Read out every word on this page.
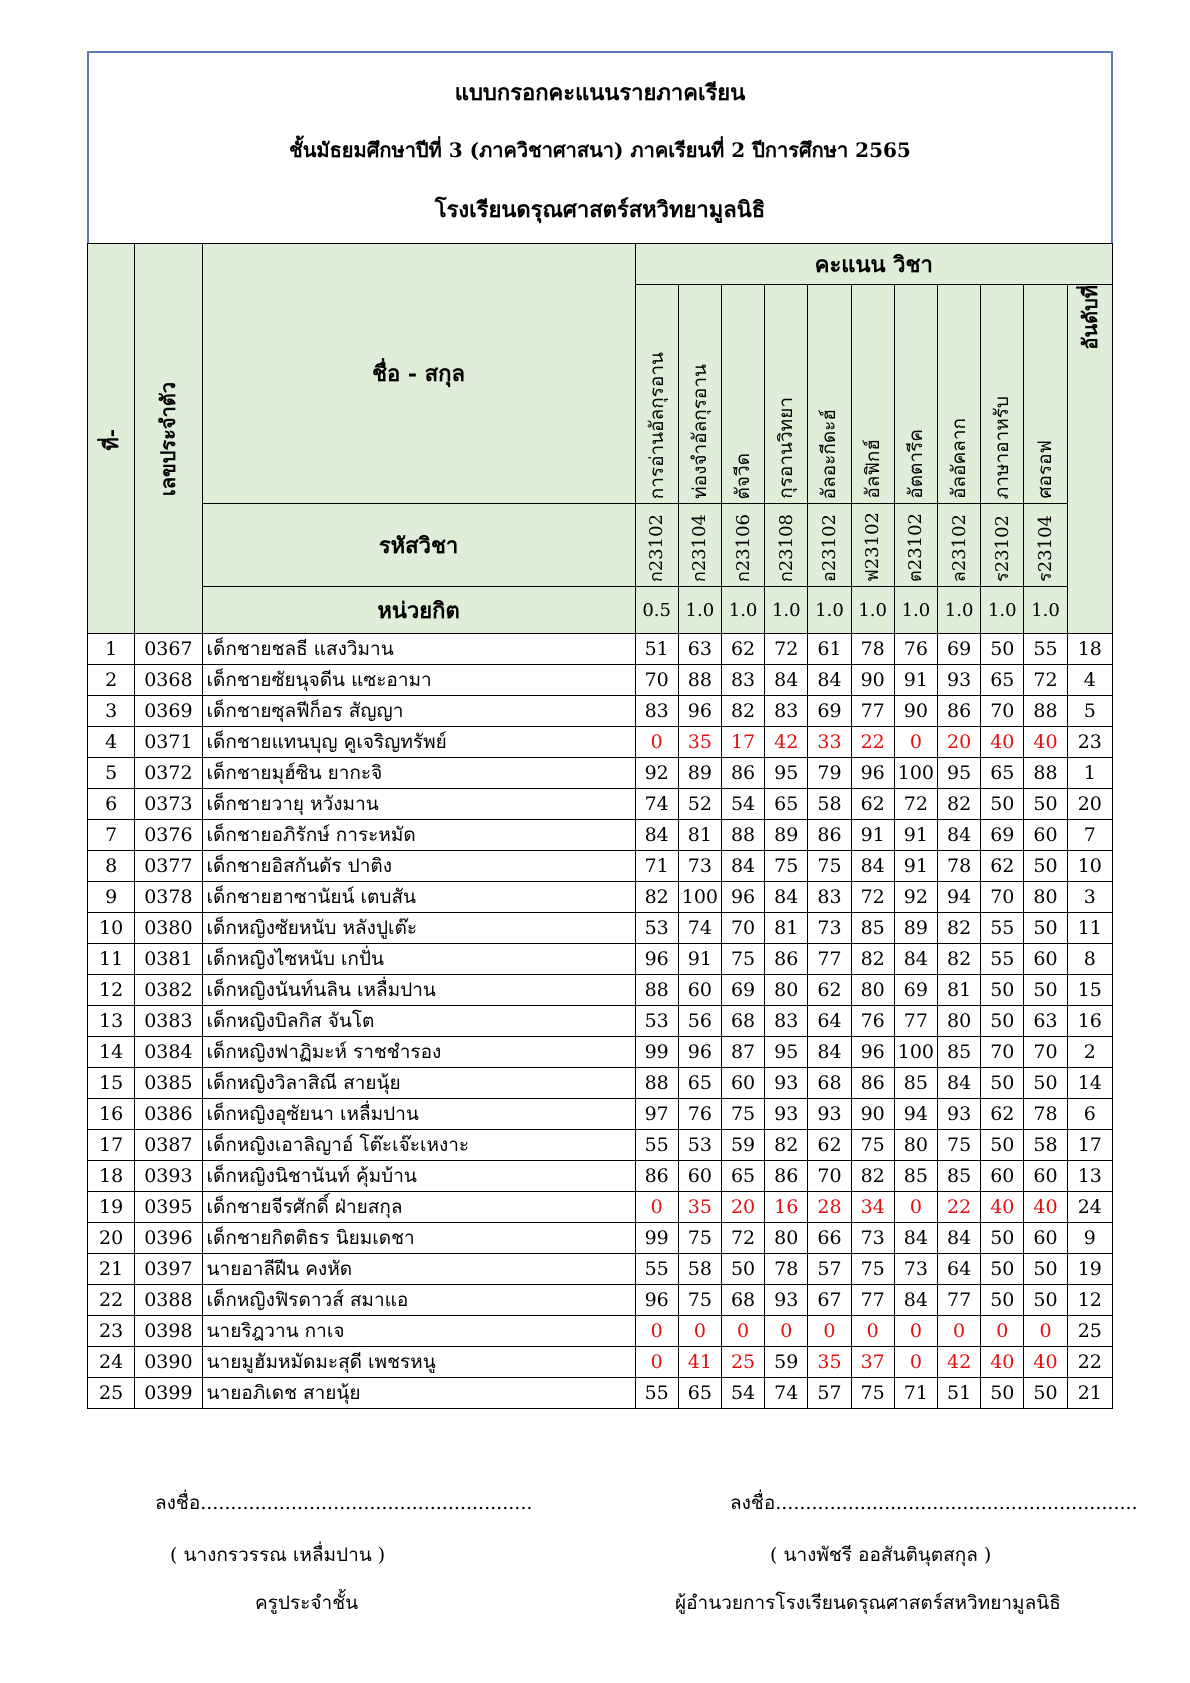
แบบกรอกคะแนนรายภาคเรียน
ชั้นมัธยมศึกษาปีที่ 3 (ภาควิชาศาสนา) ภาคเรียนที่ 2 ปีการศึกษา 2565
โรงเรียนดรุณศาสตร์สหวิทยามูลนิธิ
ที่-	เลขประจำตัว	ชื่อ - สกุล	คะแนน วิชา										
			การอ่านอัลกุรอาน	ท่องจำอัลกุรอาน	ตัจวีด	กุรอานวิทยา	อัลอะกีดะฮ์	อัลฟิกฮ์	อัตตารีค	อัลอัคลาก	ภาษาอาหรับ	ศอรอฟ	อันดับที่
		รหัสวิชา	ก23102	ก23104	ก23106	ก23108	อ23102	ฟ23102	ต23102	ล23102	ร23102	ร23104	
		หน่วยกิต	0.5	1.0	1.0	1.0	1.0	1.0	1.0	1.0	1.0	1.0	
1	0367	เด็กชายชลธี แสงวิมาน	51	63	62	72	61	78	76	69	50	55	18
2	0368	เด็กชายซัยนุจดีน แซะอามา	70	88	83	84	84	90	91	93	65	72	4
3	0369	เด็กชายซุลฟีก็อร สัญญา	83	96	82	83	69	77	90	86	70	88	5
4	0371	เด็กชายแทนบุญ คูเจริญทรัพย์	0	35	17	42	33	22	0	20	40	40	23
5	0372	เด็กชายมุฮ์ซิน ยากะจิ	92	89	86	95	79	96	100	95	65	88	1
6	0373	เด็กชายวายุ หวังมาน	74	52	54	65	58	62	72	82	50	50	20
7	0376	เด็กชายอภิรักษ์ การะหมัด	84	81	88	89	86	91	91	84	69	60	7
8	0377	เด็กชายอิสกันดัร ปาติง	71	73	84	75	75	84	91	78	62	50	10
9	0378	เด็กชายฮาซานัยน์ เตบสัน	82	100	96	84	83	72	92	94	70	80	3
10	0380	เด็กหญิงซัยหนับ หลังปูเต๊ะ	53	74	70	81	73	85	89	82	55	50	11
11	0381	เด็กหญิงไซหนับ เกปั่น	96	91	75	86	77	82	84	82	55	60	8
12	0382	เด็กหญิงนันท์นลิน เหลื่มปาน	88	60	69	80	62	80	69	81	50	50	15
13	0383	เด็กหญิงบิลกิส จันโต	53	56	68	83	64	76	77	80	50	63	16
14	0384	เด็กหญิงฟาฏิมะห์ ราชชำรอง	99	96	87	95	84	96	100	85	70	70	2
15	0385	เด็กหญิงวิลาสิณี สายนุ้ย	88	65	60	93	68	86	85	84	50	50	14
16	0386	เด็กหญิงอุซัยนา เหลื่มปาน	97	76	75	93	93	90	94	93	62	78	6
17	0387	เด็กหญิงเอาลิญาอ์ โต๊ะเจ๊ะเหงาะ	55	53	59	82	62	75	80	75	50	58	17
18	0393	เด็กหญิงนิชานันท์ คุ้มบ้าน	86	60	65	86	70	82	85	85	60	60	13
19	0395	เด็กชายจีรศักดิ์ ฝ่ายสกุล	0	35	20	16	28	34	0	22	40	40	24
20	0396	เด็กชายกิตติธร นิยมเดชา	99	75	72	80	66	73	84	84	50	60	9
21	0397	นายอาลีฝีน คงหัด	55	58	50	78	57	75	73	64	50	50	19
22	0388	เด็กหญิงฟิรดาวส์ สมาแอ	96	75	68	93	67	77	84	77	50	50	12
23	0398	นายริฎวาน กาเจ	0	0	0	0	0	0	0	0	0	0	25
24	0390	นายมูฮัมหมัดมะสุดี เพชรหนู	0	41	25	59	35	37	0	42	40	40	22
25	0399	นายอภิเดช สายนุ้ย	55	65	54	74	57	75	71	51	50	50	21
ลงชื่อ.......................................................
( นางกรวรรณ เหลื่มปาน )
ครูประจำชั้น
ลงชื่อ............................................................
( นางพัชรี ออสันตินุตสกุล )
ผู้อำนวยการโรงเรียนดรุณศาสตร์สหวิทยามูลนิธิ
